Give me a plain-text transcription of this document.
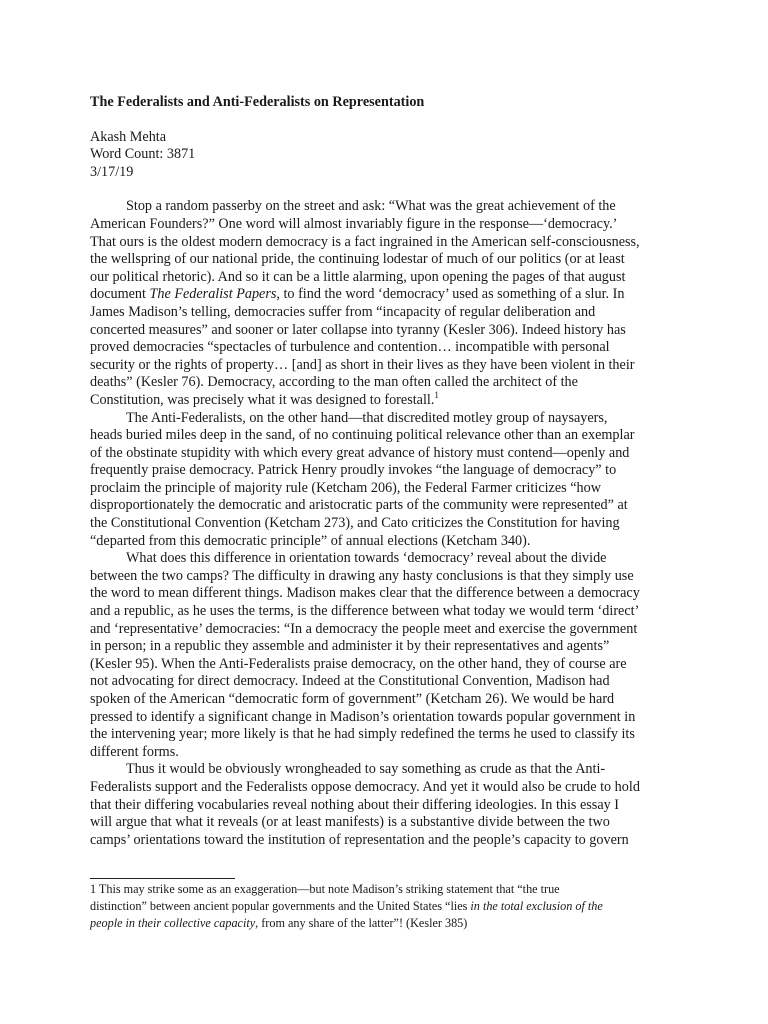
The Federalists and Anti-Federalists on Representation
Akash Mehta
Word Count: 3871
3/17/19
Stop a random passerby on the street and ask: “What was the great achievement of the
American Founders?” One word will almost invariably figure in the response—‘democracy.’
That ours is the oldest modern democracy is a fact ingrained in the American self-consciousness,
the wellspring of our national pride, the continuing lodestar of much of our politics (or at least
our political rhetoric). And so it can be a little alarming, upon opening the pages of that august
document The Federalist Papers, to find the word ‘democracy’ used as something of a slur. In
James Madison’s telling, democracies suffer from “incapacity of regular deliberation and
concerted measures” and sooner or later collapse into tyranny (Kesler 306). Indeed history has
proved democracies “spectacles of turbulence and contention… incompatible with personal
security or the rights of property… [and] as short in their lives as they have been violent in their
deaths” (Kesler 76). Democracy, according to the man often called the architect of the
Constitution, was precisely what it was designed to forestall.$^1$
The Anti-Federalists, on the other hand—that discredited motley group of naysayers,
heads buried miles deep in the sand, of no continuing political relevance other than an exemplar
of the obstinate stupidity with which every great advance of history must contend—openly and
frequently praise democracy. Patrick Henry proudly invokes “the language of democracy” to
proclaim the principle of majority rule (Ketcham 206), the Federal Farmer criticizes “how
disproportionately the democratic and aristocratic parts of the community were represented” at
the Constitutional Convention (Ketcham 273), and Cato criticizes the Constitution for having
“departed from this democratic principle” of annual elections (Ketcham 340).
What does this difference in orientation towards ‘democracy’ reveal about the divide
between the two camps? The difficulty in drawing any hasty conclusions is that they simply use
the word to mean different things. Madison makes clear that the difference between a democracy
and a republic, as he uses the terms, is the difference between what today we would term ‘direct’
and ‘representative’ democracies: “In a democracy the people meet and exercise the government
in person; in a republic they assemble and administer it by their representatives and agents”
(Kesler 95). When the Anti-Federalists praise democracy, on the other hand, they of course are
not advocating for direct democracy. Indeed at the Constitutional Convention, Madison had
spoken of the American “democratic form of government” (Ketcham 26). We would be hard
pressed to identify a significant change in Madison’s orientation towards popular government in
the intervening year; more likely is that he had simply redefined the terms he used to classify its
different forms.
Thus it would be obviously wrongheaded to say something as crude as that the Anti-
Federalists support and the Federalists oppose democracy. And yet it would also be crude to hold
that their differing vocabularies reveal nothing about their differing ideologies. In this essay I
will argue that what it reveals (or at least manifests) is a substantive divide between the two
camps’ orientations toward the institution of representation and the people’s capacity to govern
1 This may strike some as an exaggeration—but note Madison’s striking statement that “the true
distinction” between ancient popular governments and the United States “lies in the total exclusion of the
people in their collective capacity, from any share of the latter”! (Kesler 385)
